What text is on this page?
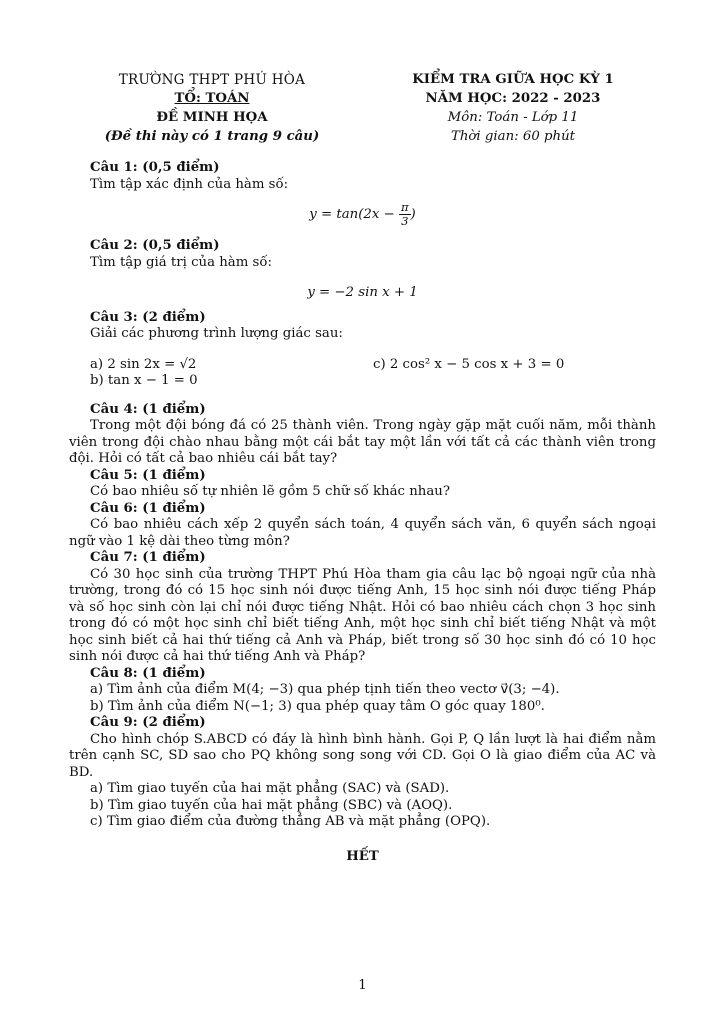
TRƯỜNG THPT PHÚ HÒA
TỔ: TOÁN
ĐỀ MINH HỌA
(Đề thi này có 1 trang 9 câu)
KIỂM TRA GIỮA HỌC KỲ 1
NĂM HỌC: 2022 - 2023
Môn: Toán - Lớp 11
Thời gian: 60 phút
Câu 1: (0,5 điểm)
Tìm tập xác định của hàm số:
$y = \tan(2x - \frac{\pi}{3}$ )
Câu 2: (0,5 điểm)
Tìm tập giá trị của hàm số:
y = −2 sin x + 1
Câu 3: (2 điểm)
Giải các phương trình lượng giác sau:
a) 2 sin 2x = √2	c) 2 cos² x − 5 cos x + 3 = 0
b) tan x − 1 = 0
Câu 4: (1 điểm)
Trong một đội bóng đá có 25 thành viên. Trong ngày gặp mặt cuối năm, mỗi thành viên trong đội chào nhau bằng một cái bắt tay một lần với tất cả các thành viên trong đội. Hỏi có tất cả bao nhiêu cái bắt tay?
Câu 5: (1 điểm)
Có bao nhiêu số tự nhiên lẽ gồm 5 chữ số khác nhau?
Câu 6: (1 điểm)
Có bao nhiêu cách xếp 2 quyển sách toán, 4 quyển sách văn, 6 quyển sách ngoại ngữ vào 1 kệ dài theo từng môn?
Câu 7: (1 điểm)
Có 30 học sinh của trường THPT Phú Hòa tham gia câu lạc bộ ngoại ngữ của nhà trường, trong đó có 15 học sinh nói được tiếng Anh, 15 học sinh nói được tiếng Pháp và số học sinh còn lại chỉ nói được tiếng Nhật. Hỏi có bao nhiêu cách chọn 3 học sinh trong đó có một học sinh chỉ biết tiếng Anh, một học sinh chỉ biết tiếng Nhật và một học sinh biết cả hai thứ tiếng cả Anh và Pháp, biết trong số 30 học sinh đó có 10 học sinh nói được cả hai thứ tiếng Anh và Pháp?
Câu 8: (1 điểm)
a) Tìm ảnh của điểm M(4; −3) qua phép tịnh tiến theo vectơ v⃗(3; −4).
b) Tìm ảnh của điểm N(−1; 3) qua phép quay tâm O góc quay 180⁰.
Câu 9: (2 điểm)
Cho hình chóp S.ABCD có đáy là hình bình hành. Gọi P, Q lần lượt là hai điểm nằm trên cạnh SC, SD sao cho PQ không song song với CD. Gọi O là giao điểm của AC và BD.
a) Tìm giao tuyến của hai mặt phẳng (SAC) và (SAD).
b) Tìm giao tuyến của hai mặt phẳng (SBC) và (AOQ).
c) Tìm giao điểm của đường thẳng AB và mặt phẳng (OPQ).
HẾT
1
